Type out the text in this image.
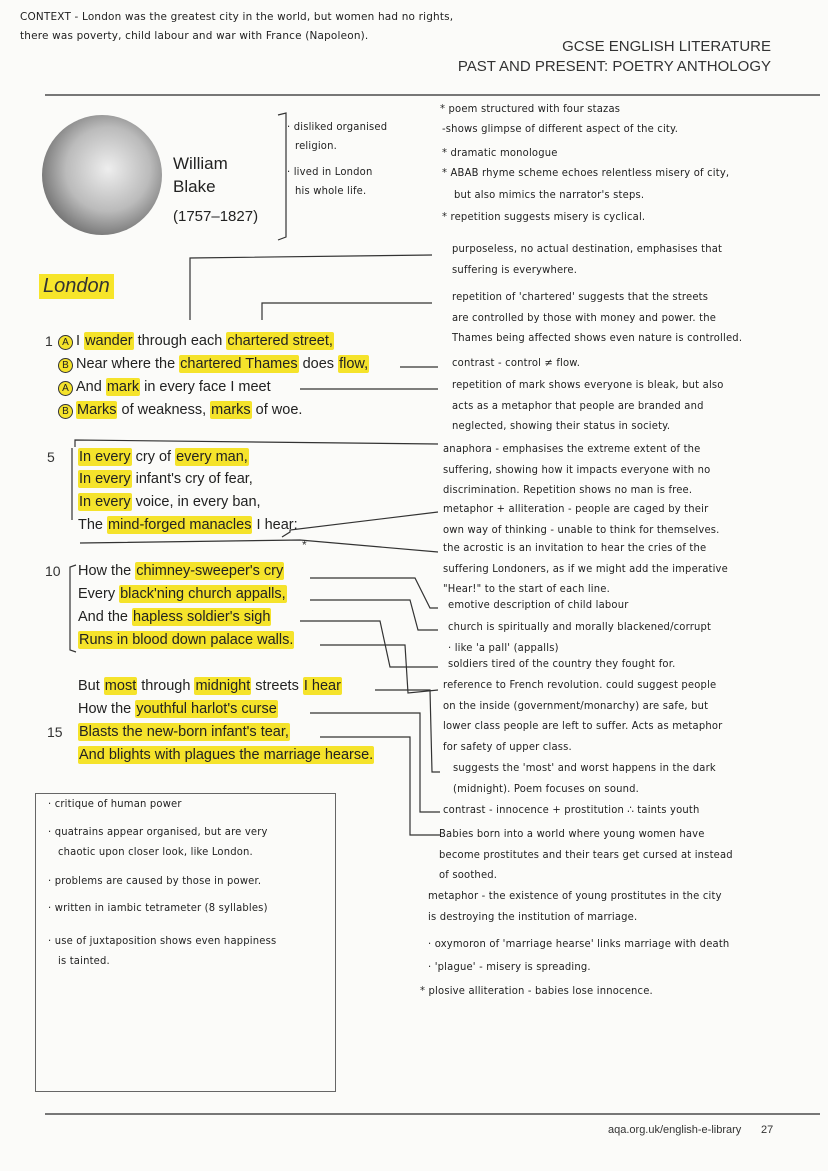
CONTEXT - London was the greatest city in the world, but women had no rights,
there was poverty, child labour and war with France (Napoleon).
GCSE ENGLISH LITERATURE
PAST AND PRESENT: POETRY ANTHOLOGY
William
Blake
(1757–1827)
· disliked organised
religion.
· lived in London
his whole life.
London
aqa.org.uk/english-e-library 27
*
* poem structured with four stazas
-shows glimpse of different aspect of the city.
* dramatic monologue
* ABAB rhyme scheme echoes relentless misery of city,
but also mimics the narrator's steps.
* repetition suggests misery is cyclical.
A I wander through each chartered street,
B Near where the chartered Thames does flow,
A And mark in every face I meet
B Marks of weakness, marks of woe.
In every cry of every man,
In every infant's cry of fear,
In every voice, in every ban,
The mind-forged manacles I hear:
How the chimney-sweeper's cry
Every black'ning church appalls,
And the hapless soldier's sigh
Runs in blood down palace walls.
But most through midnight streets I hear
How the youthful harlot's curse
Blasts the new-born infant's tear,
And blights with plagues the marriage hearse.
1
5
10
15
purposeless, no actual destination, emphasises that
suffering is everywhere.
repetition of 'chartered' suggests that the streets
are controlled by those with money and power. the
Thames being affected shows even nature is controlled.
contrast - control ≠ flow.
repetition of mark shows everyone is bleak, but also
acts as a metaphor that people are branded and
neglected, showing their status in society.
anaphora - emphasises the extreme extent of the
suffering, showing how it impacts everyone with no
discrimination. Repetition shows no man is free.
metaphor + alliteration - people are caged by their
own way of thinking - unable to think for themselves.
the acrostic is an invitation to hear the cries of the
suffering Londoners, as if we might add the imperative
"Hear!" to the start of each line.
emotive description of child labour
church is spiritually and morally blackened/corrupt
· like 'a pall' (appalls)
soldiers tired of the country they fought for.
reference to French revolution. could suggest people
on the inside (government/monarchy) are safe, but
lower class people are left to suffer. Acts as metaphor
for safety of upper class.
suggests the 'most' and worst happens in the dark
(midnight). Poem focuses on sound.
contrast - innocence + prostitution ∴ taints youth
Babies born into a world where young women have
become prostitutes and their tears get cursed at instead
of soothed.
metaphor - the existence of young prostitutes in the city
is destroying the institution of marriage.
· oxymoron of 'marriage hearse' links marriage with death
· 'plague' - misery is spreading.
* plosive alliteration - babies lose innocence.
· critique of human power
· quatrains appear organised, but are very
chaotic upon closer look, like London.
· problems are caused by those in power.
· written in iambic tetrameter (8 syllables)
· use of juxtaposition shows even happiness
is tainted.
